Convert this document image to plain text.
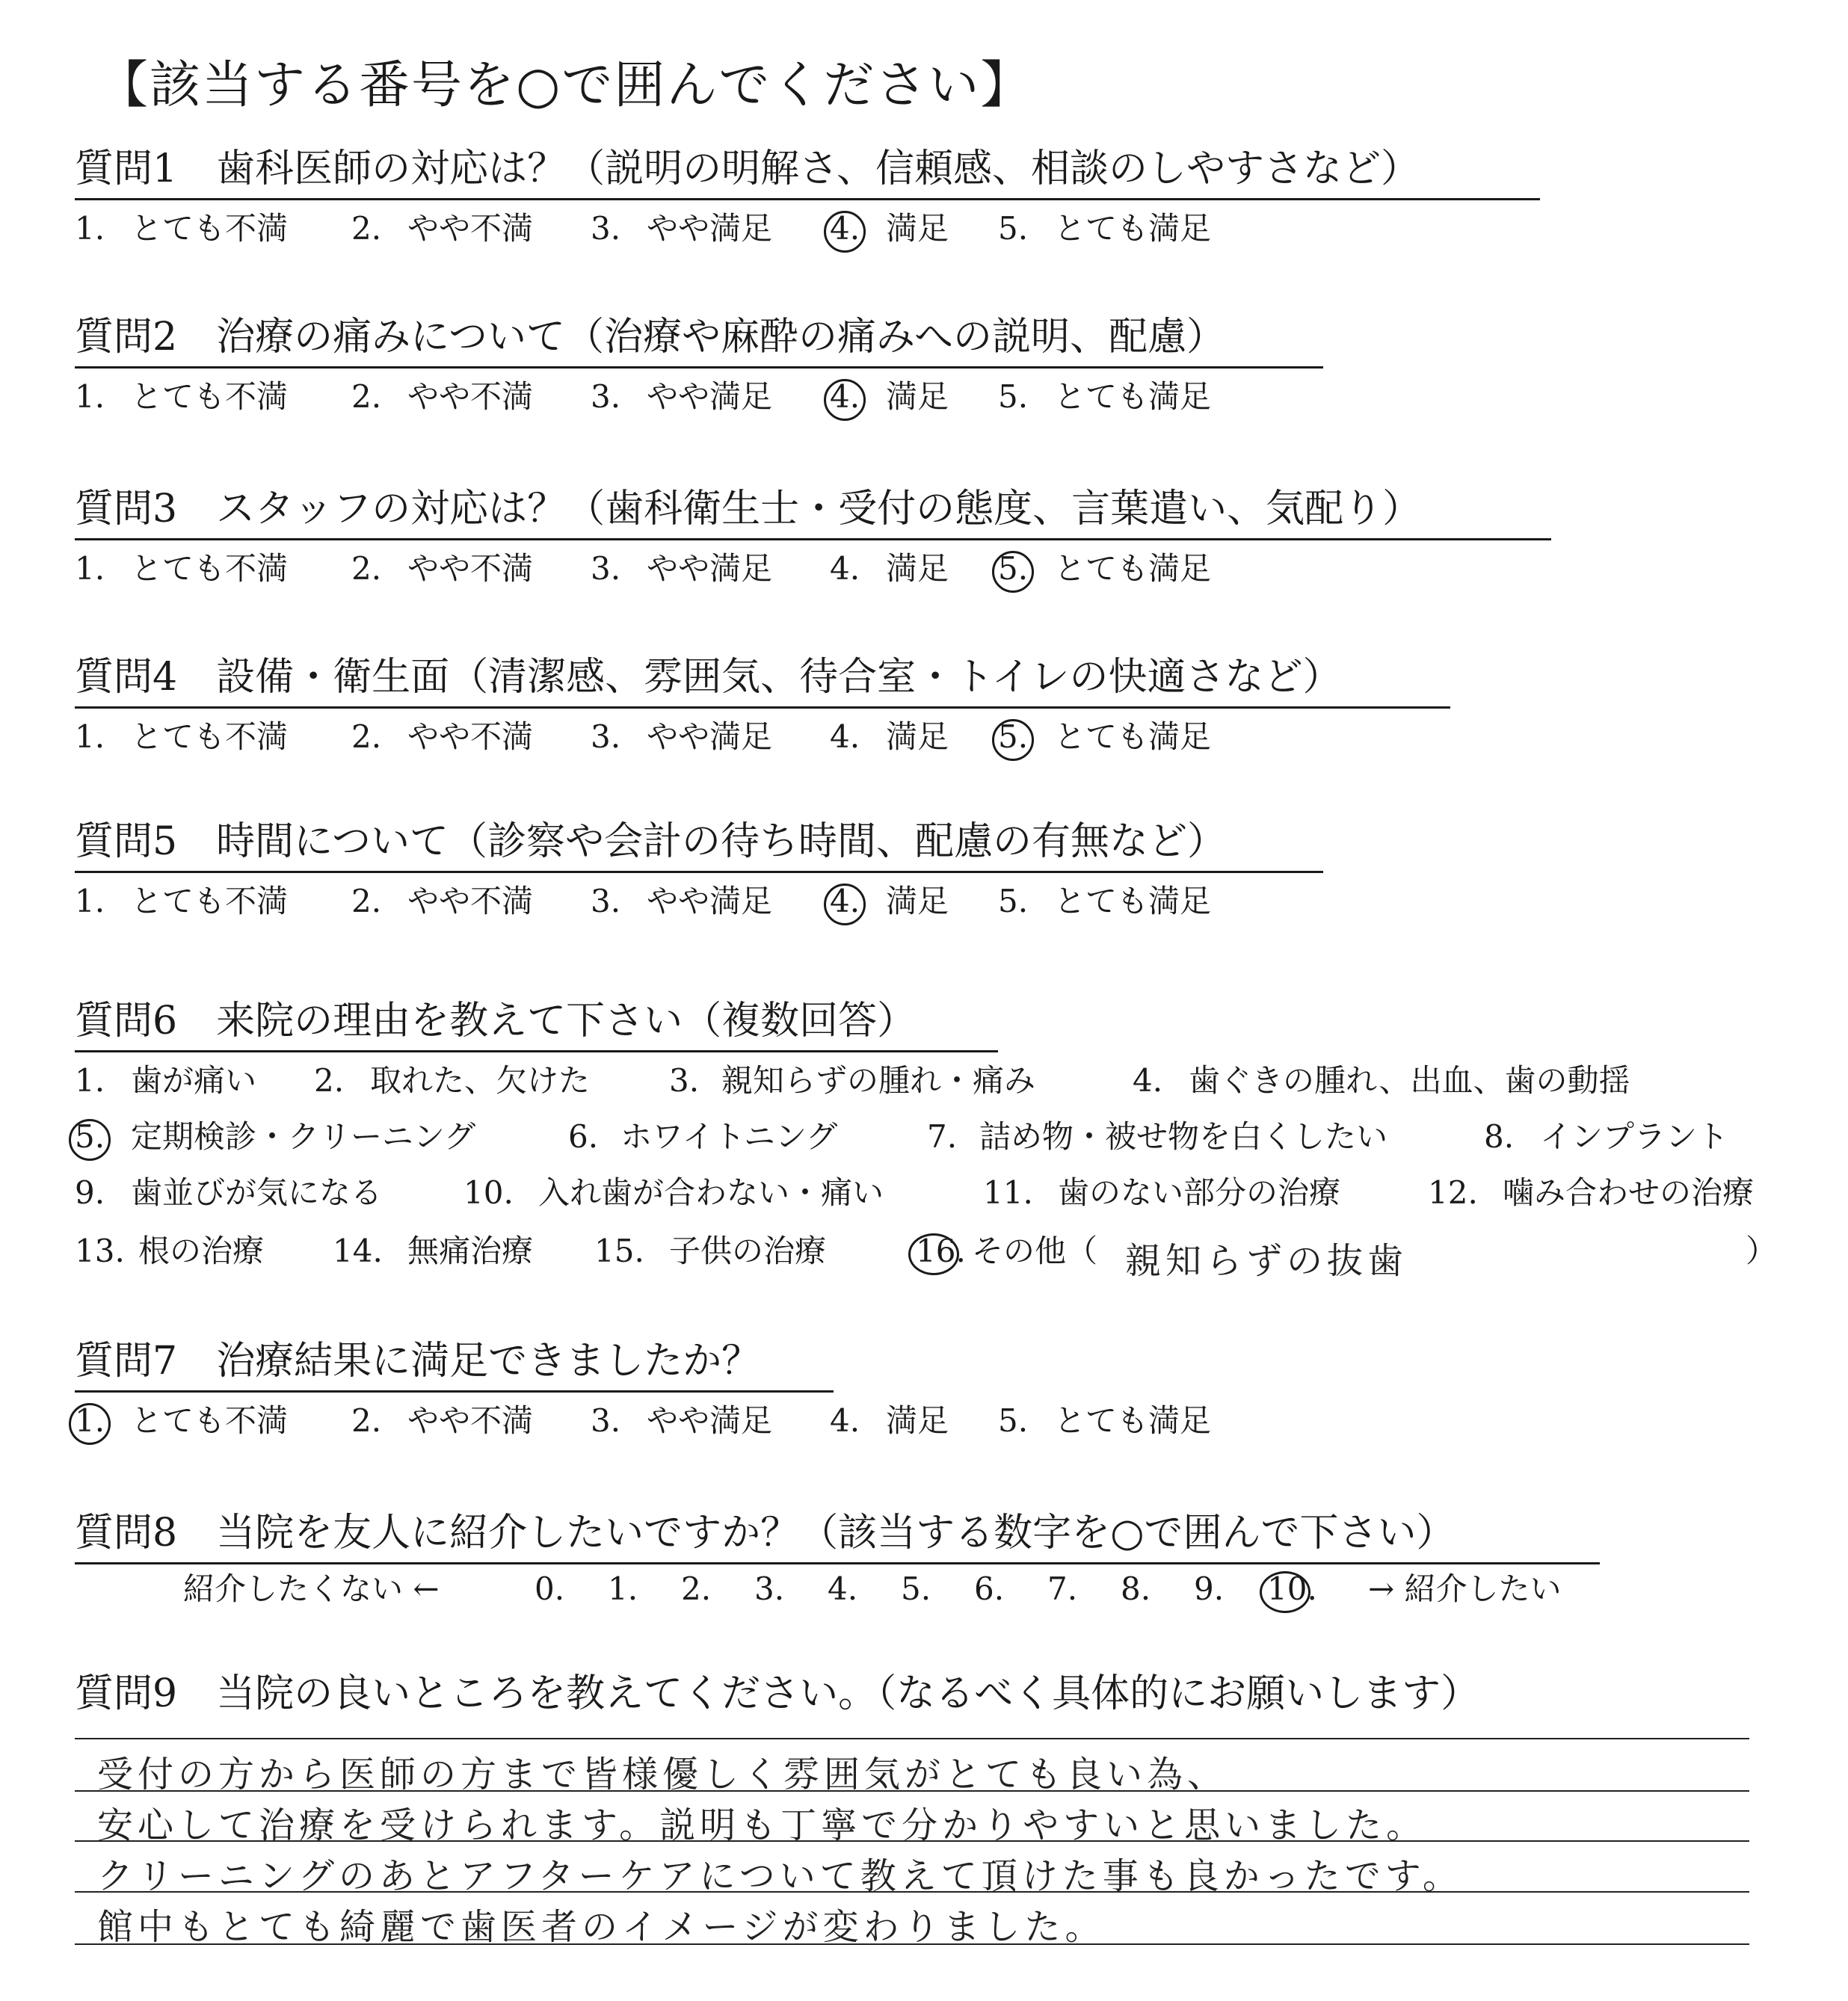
【該当する番号を○で囲んでください】
質問1　歯科医師の対応は？（説明の明解さ、信頼感、相談のしやすさなど）
1. とても不満 2. やや不満 3. やや満足 4. 満足 5. とても満足
質問2　治療の痛みについて（治療や麻酔の痛みへの説明、配慮）
1. とても不満 2. やや不満 3. やや満足 4. 満足 5. とても満足
質問3　スタッフの対応は？（歯科衛生士・受付の態度、言葉遣い、気配り）
1. とても不満 2. やや不満 3. やや満足 4. 満足 5. とても満足
質問4　設備・衛生面（清潔感、雰囲気、待合室・トイレの快適さなど）
1. とても不満 2. やや不満 3. やや満足 4. 満足 5. とても満足
質問5　時間について（診察や会計の待ち時間、配慮の有無など）
1. とても不満 2. やや不満 3. やや満足 4. 満足 5. とても満足
質問6　来院の理由を教えて下さい（複数回答）
1. 歯が痛い 2. 取れた、欠けた	3. 親知らずの腫れ・痛み	4. 歯ぐきの腫れ、出血、歯の動揺
5. 定期検診・クリーニング	6. ホワイトニング	7. 詰め物・被せ物を白くしたい	8. インプラント
9. 歯並びが気になる	10. 入れ歯が合わない・痛い	11. 歯のない部分の治療	12. 噛み合わせの治療
13. 根の治療 14. 無痛治療 15. 子供の治療	16. その他（ 親知らずの抜歯	）
質問7　治療結果に満足できましたか？
1. とても不満 2. やや不満 3. やや満足 4. 満足 5. とても満足
質問8　当院を友人に紹介したいですか？（該当する数字を○で囲んで下さい）
紹介したくない ←	0. 1. 2. 3. 4. 5. 6. 7. 8. 9. 10. → 紹介したい
質問9　当院の良いところを教えてください。（なるべく具体的にお願いします）
受付の方から医師の方まで皆様優しく雰囲気がとても良い為、
安心して治療を受けられます。説明も丁寧で分かりやすいと思いました。
クリーニングのあとアフターケアについて教えて頂けた事も良かったです。
館中もとても綺麗で歯医者のイメージが変わりました。
